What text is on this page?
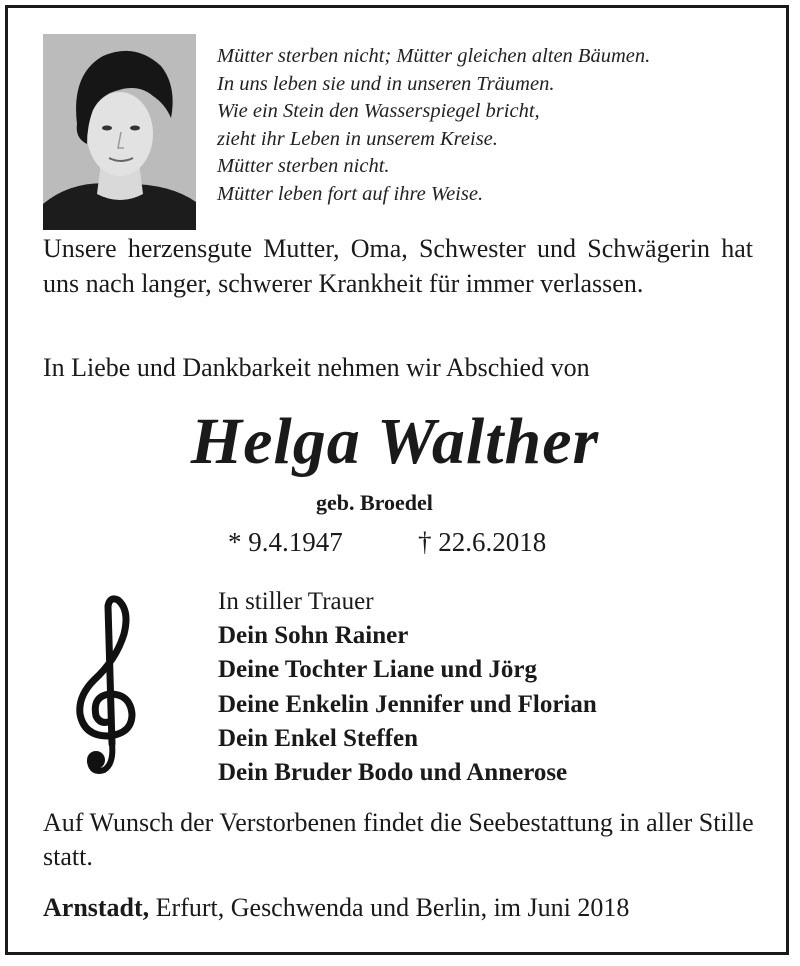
Mütter sterben nicht; Mütter gleichen alten Bäumen.
In uns leben sie und in unseren Träumen.
Wie ein Stein den Wasserspiegel bricht,
zieht ihr Leben in unserem Kreise.
Mütter sterben nicht.
Mütter leben fort auf ihre Weise.
Unsere herzensgute Mutter, Oma, Schwester und Schwägerin hat uns nach langer, schwerer Krankheit für immer verlassen.
In Liebe und Dankbarkeit nehmen wir Abschied von
Helga Walther
geb. Broedel
* 9.4.1947	† 22.6.2018
In stiller Trauer
Dein Sohn Rainer
Deine Tochter Liane und Jörg
Deine Enkelin Jennifer und Florian
Dein Enkel Steffen
Dein Bruder Bodo und Annerose
Auf Wunsch der Verstorbenen findet die Seebestattung in aller Stille statt.
Arnstadt, Erfurt, Geschwenda und Berlin, im Juni 2018
